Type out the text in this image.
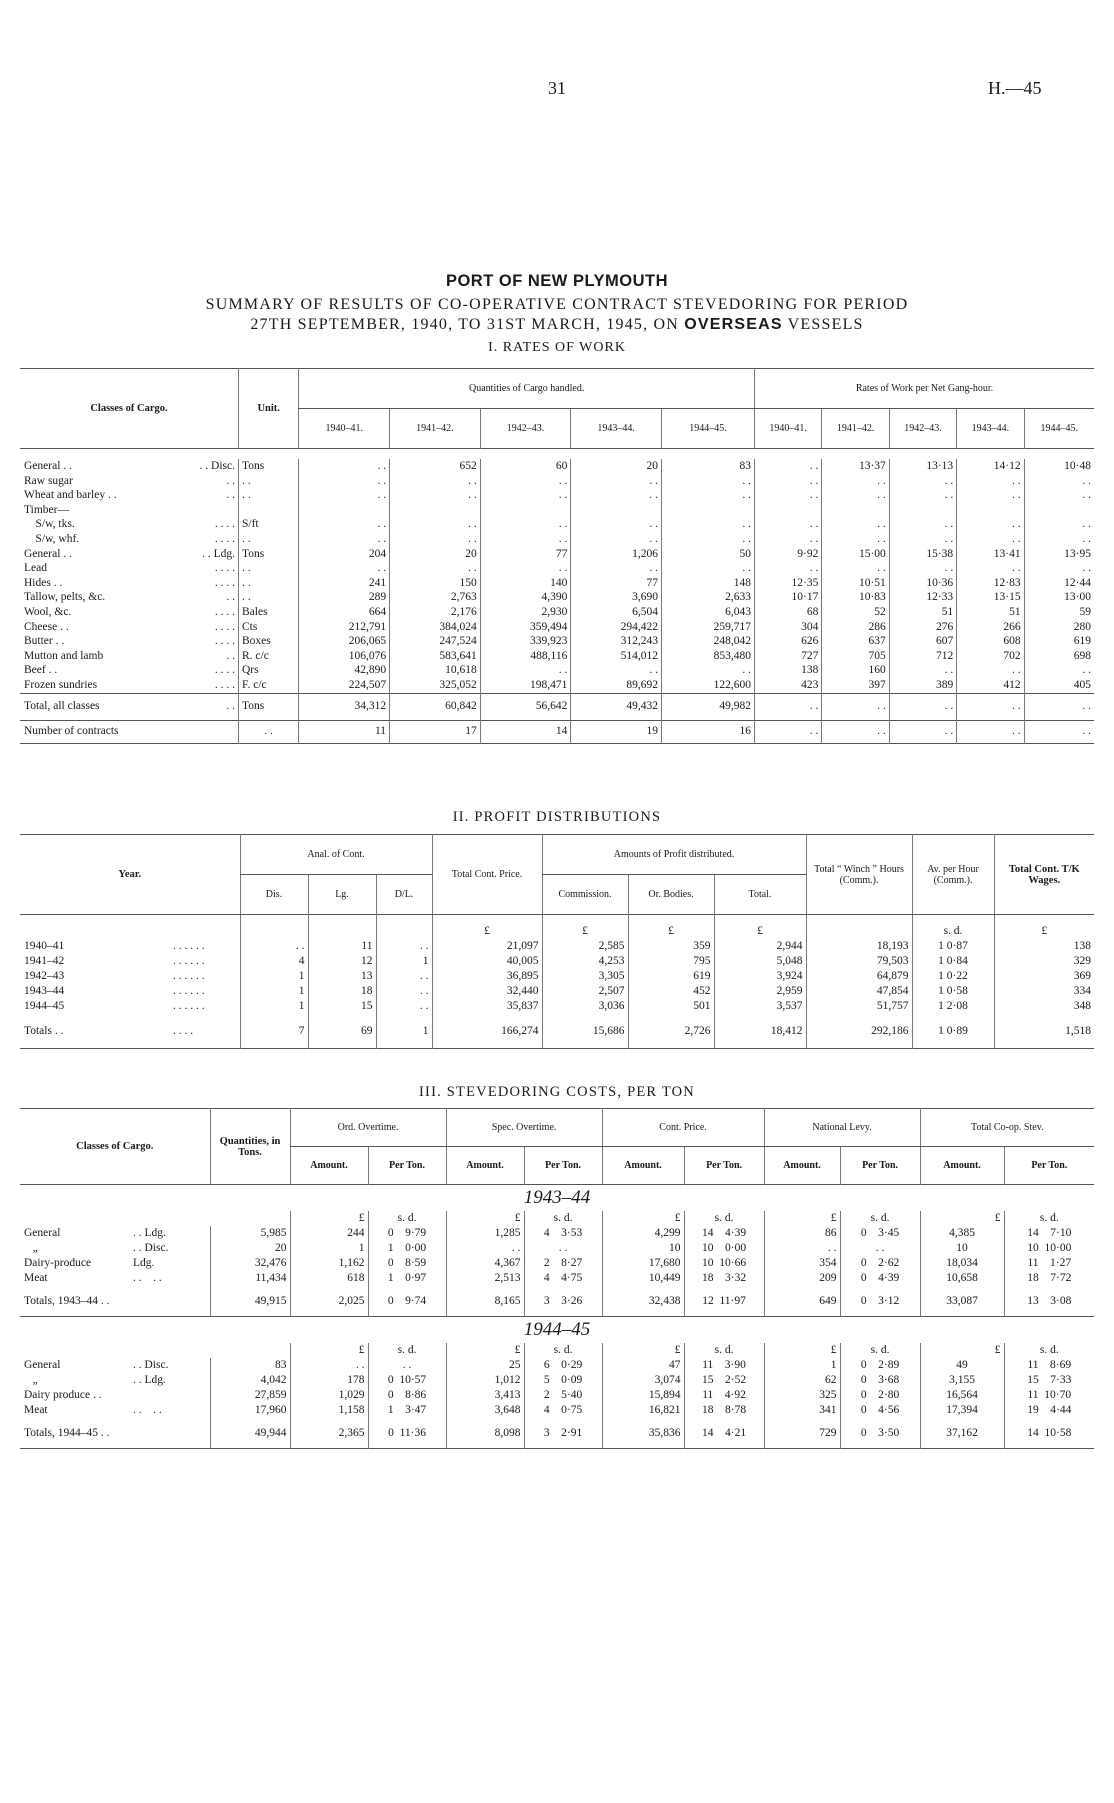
31	H.—45
PORT OF NEW PLYMOUTH
SUMMARY OF RESULTS OF CO-OPERATIVE CONTRACT STEVEDORING FOR PERIOD
27TH SEPTEMBER, 1940, TO 31ST MARCH, 1945, ON OVERSEAS VESSELS
I. RATES OF WORK
Classes of Cargo.		Unit.	Quantities of Cargo handled.					Rates of Work per Net Gang-hour.				
			1940–41.	1941–42.	1942–43.	1943–44.	1944–45.	1940–41.	1941–42.	1942–43.	1943–44.	1944–45.

General . .	. . Disc.	Tons	. .	652	60	20	83	. .	13·37	13·13	14·12	10·48
Raw sugar	. .	. .	. .	. .	. .	. .	. .	. .	. .	. .	. .	. .
Wheat and barley . .	. .	. .	. .	. .	. .	. .	. .	. .	. .	. .	. .	. .
Timber—												
S/w, tks.	. . . .	S/ft	. .	. .	. .	. .	. .	. .	. .	. .	. .	. .
S/w, whf.	. . . .	. .	. .	. .	. .	. .	. .	. .	. .	. .	. .	. .
General . .	. . Ldg.	Tons	204	20	77	1,206	50	9·92	15·00	15·38	13·41	13·95
Lead	. . . .	. .	. .	. .	. .	. .	. .	. .	. .	. .	. .	. .
Hides . .	. . . .	. .	241	150	140	77	148	12·35	10·51	10·36	12·83	12·44
Tallow, pelts, &c.	. .	. .	289	2,763	4,390	3,690	2,633	10·17	10·83	12·33	13·15	13·00
Wool, &c.	. . . .	Bales	664	2,176	2,930	6,504	6,043	68	52	51	51	59
Cheese . .	. . . .	Cts	212,791	384,024	359,494	294,422	259,717	304	286	276	266	280
Butter . .	. . . .	Boxes	206,065	247,524	339,923	312,243	248,042	626	637	607	608	619
Mutton and lamb	. .	R. c/c	106,076	583,641	488,116	514,012	853,480	727	705	712	702	698
Beef . .	. . . .	Qrs	42,890	10,618	. .	. .	. .	138	160	. .	. .	. .
Frozen sundries	. . . .	F. c/c	224,507	325,052	198,471	89,692	122,600	423	397	389	412	405
Total, all classes	. .	Tons	34,312	60,842	56,642	49,432	49,982	. .	. .	. .	. .	. .
Number of contracts		. .	11	17	14	19	16	. .	. .	. .	. .	. .
II. PROFIT DISTRIBUTIONS
Year.		Anal. of Cont.			Total Cont. Price.	Amounts of Profit distributed.			Total “ Winch ” Hours (Comm.).	Av. per Hour (Comm.).	Total Cont. T/K Wages.
		Dis.	Lg.	D/L.		Commission.	Or. Bodies.	Total.			
					£	£	£	£		s. d.	£
1940–41	. . . . . .	. .	11	. .	21,097	2,585	359	2,944	18,193	1 0·87	138
1941–42	. . . . . .	4	12	1	40,005	4,253	795	5,048	79,503	1 0·84	329
1942–43	. . . . . .	1	13	. .	36,895	3,305	619	3,924	64,879	1 0·22	369
1943–44	. . . . . .	1	18	. .	32,440	2,507	452	2,959	47,854	1 0·58	334
1944–45	. . . . . .	1	15	. .	35,837	3,036	501	3,537	51,757	1 2·08	348
Totals . .	. . . .	7	69	1	166,274	15,686	2,726	18,412	292,186	1 0·89	1,518
III. STEVEDORING COSTS, PER TON
Classes of Cargo.		Quantities, in Tons.	Ord. Overtime.		Spec. Overtime.		Cont. Price.		National Levy.		Total Co-op. Stev.	
			Amount.	Per Ton.	Amount.	Per Ton.	Amount.	Per Ton.	Amount.	Per Ton.	Amount.	Per Ton.
1943–44												
			£	s. d.	£	s. d.	£	s. d.	£	s. d.	£	s. d.
General	. . Ldg.	5,985	244	0    9·79	1,285	4    3·53	4,299	14    4·39	86	0    3·45	4,385	14    7·10
„	. . Disc.	20	1	1    0·00	. .	. .	10	10    0·00	. .	. .	10	10  10·00
Dairy-produce	Ldg.	32,476	1,162	0    8·59	4,367	2    8·27	17,680	10  10·66	354	0    2·62	18,034	11    1·27
Meat	. .    . .	11,434	618	1    0·97	2,513	4    4·75	10,449	18    3·32	209	0    4·39	10,658	18    7·72
Totals, 1943–44 . .		49,915	2,025	0    9·74	8,165	3    3·26	32,438	12  11·97	649	0    3·12	33,087	13    3·08
1944–45												
			£	s. d.	£	s. d.	£	s. d.	£	s. d.	£	s. d.
General	. . Disc.	83	. .	. .	25	6    0·29	47	11    3·90	1	0    2·89	49	11    8·69
„	. . Ldg.	4,042	178	0  10·57	1,012	5    0·09	3,074	15    2·52	62	0    3·68	3,155	15    7·33
Dairy produce . .		27,859	1,029	0    8·86	3,413	2    5·40	15,894	11    4·92	325	0    2·80	16,564	11  10·70
Meat	. .    . .	17,960	1,158	1    3·47	3,648	4    0·75	16,821	18    8·78	341	0    4·56	17,394	19    4·44
Totals, 1944–45 . .		49,944	2,365	0  11·36	8,098	3    2·91	35,836	14    4·21	729	0    3·50	37,162	14  10·58
